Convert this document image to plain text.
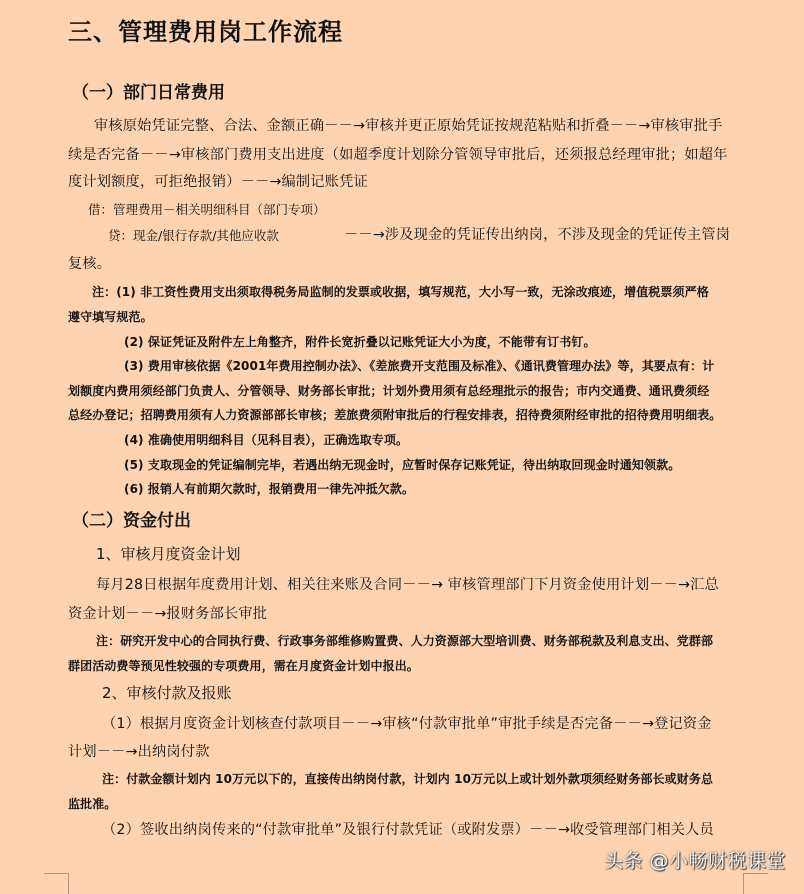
三、管理费用岗工作流程
（一）部门日常费用
审核原始凭证完整、合法、金额正确－－→审核并更正原始凭证按规范粘贴和折叠－－→审核审批手
续是否完备－－→审核部门费用支出进度（如超季度计划除分管领导审批后，还须报总经理审批；如超年
度计划额度，可拒绝报销）－－→编制记账凭证
借：管理费用－相关明细科目（部门专项）
贷：现金/银行存款/其他应收款	－－→涉及现金的凭证传出纳岗，不涉及现金的凭证传主管岗
复核。
注：(1) 非工资性费用支出须取得税务局监制的发票或收据，填写规范，大小写一致，无涂改痕迹，增值税票须严格
遵守填写规范。
(2) 保证凭证及附件左上角整齐，附件长宽折叠以记账凭证大小为度，不能带有订书钉。
(3) 费用审核依据《2001年费用控制办法》、《差旅费开支范围及标准》、《通讯费管理办法》等，其要点有：计
划额度内费用须经部门负责人、分管领导、财务部长审批；计划外费用须有总经理批示的报告；市内交通费、通讯费须经
总经办登记；招聘费用须有人力资源部部长审核；差旅费须附审批后的行程安排表，招待费须附经审批的招待费用明细表。
(4) 准确使用明细科目（见科目表），正确选取专项。
(5) 支取现金的凭证编制完毕，若遇出纳无现金时，应暂时保存记账凭证，待出纳取回现金时通知领款。
(6) 报销人有前期欠款时，报销费用一律先冲抵欠款。
（二）资金付出
1、审核月度资金计划
每月28日根据年度费用计划、相关往来账及合同－－→ 审核管理部门下月资金使用计划－－→汇总
资金计划－－→报财务部长审批
注：研究开发中心的合同执行费、行政事务部维修购置费、人力资源部大型培训费、财务部税款及利息支出、党群部
群团活动费等预见性较强的专项费用，需在月度资金计划中报出。
2、审核付款及报账
（1）根据月度资金计划核查付款项目－－→审核“付款审批单”审批手续是否完备－－→登记资金
计划－－→出纳岗付款
注：付款金额计划内 10万元以下的，直接传出纳岗付款，计划内 10万元以上或计划外款项须经财务部长或财务总
监批准。
（2）签收出纳岗传来的“付款审批单”及银行付款凭证（或附发票）－－→收受管理部门相关人员
头条 @小畅财税课堂
